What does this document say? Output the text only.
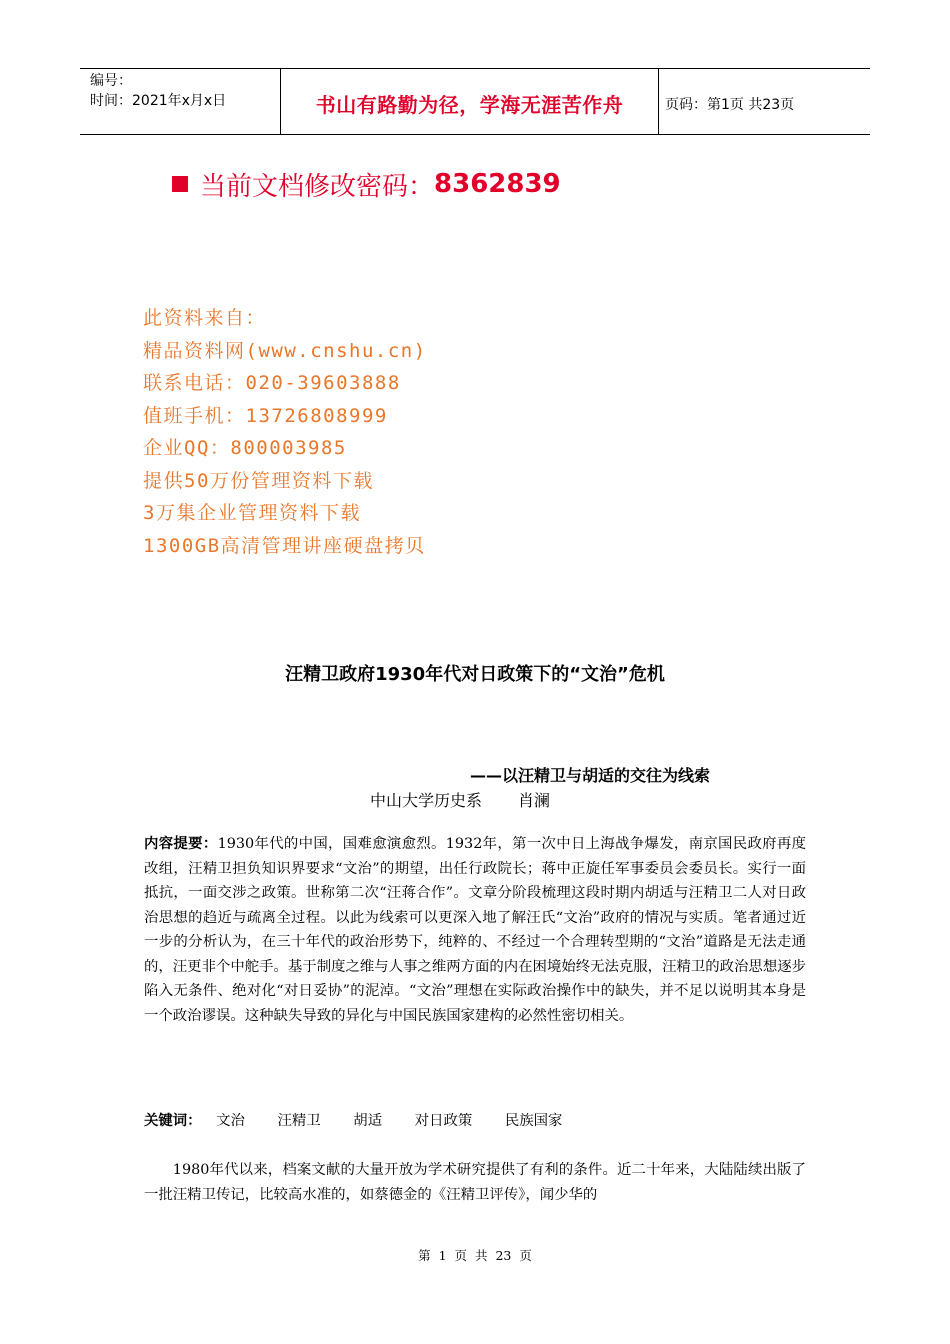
编号：
时间：2021年x月x日	书山有路勤为径，学海无涯苦作舟	页码：第1页 共23页
当前文档修改密码： 8362839
此资料来自：
精品资料网(www.cnshu.cn)
联系电话：020-39603888
值班手机：13726808999
企业QQ：800003985
提供50万份管理资料下载
3万集企业管理资料下载
1300GB高清管理讲座硬盘拷贝
汪精卫政府1930年代对日政策下的“文治”危机
——以汪精卫与胡适的交往为线索
中山大学历史系 肖澜
内容提要：1930年代的中国，国难愈演愈烈。1932年，第一次中日上海战争爆发，南京国民政府再度改组，汪精卫担负知识界要求“文治”的期望，出任行政院长；蒋中正旋任军事委员会委员长。实行一面抵抗，一面交涉之政策。世称第二次“汪蒋合作”。文章分阶段梳理这段时期内胡适与汪精卫二人对日政治思想的趋近与疏离全过程。以此为线索可以更深入地了解汪氏“文治”政府的情况与实质。笔者通过近一步的分析认为，在三十年代的政治形势下，纯粹的、不经过一个合理转型期的“文治”道路是无法走通的，汪更非个中舵手。基于制度之维与人事之维两方面的内在困境始终无法克服，汪精卫的政治思想逐步陷入无条件、绝对化“对日妥协”的泥淖。“文治”理想在实际政治操作中的缺失，并不足以说明其本身是一个政治谬误。这种缺失导致的异化与中国民族国家建构的必然性密切相关。
关键词： 文治 汪精卫 胡适 对日政策 民族国家
1980年代以来，档案文献的大量开放为学术研究提供了有利的条件。近二十年来，大陆陆续出版了一批汪精卫传记，比较高水准的，如蔡德金的《汪精卫评传》，闻少华的
第 1 页 共 23 页
